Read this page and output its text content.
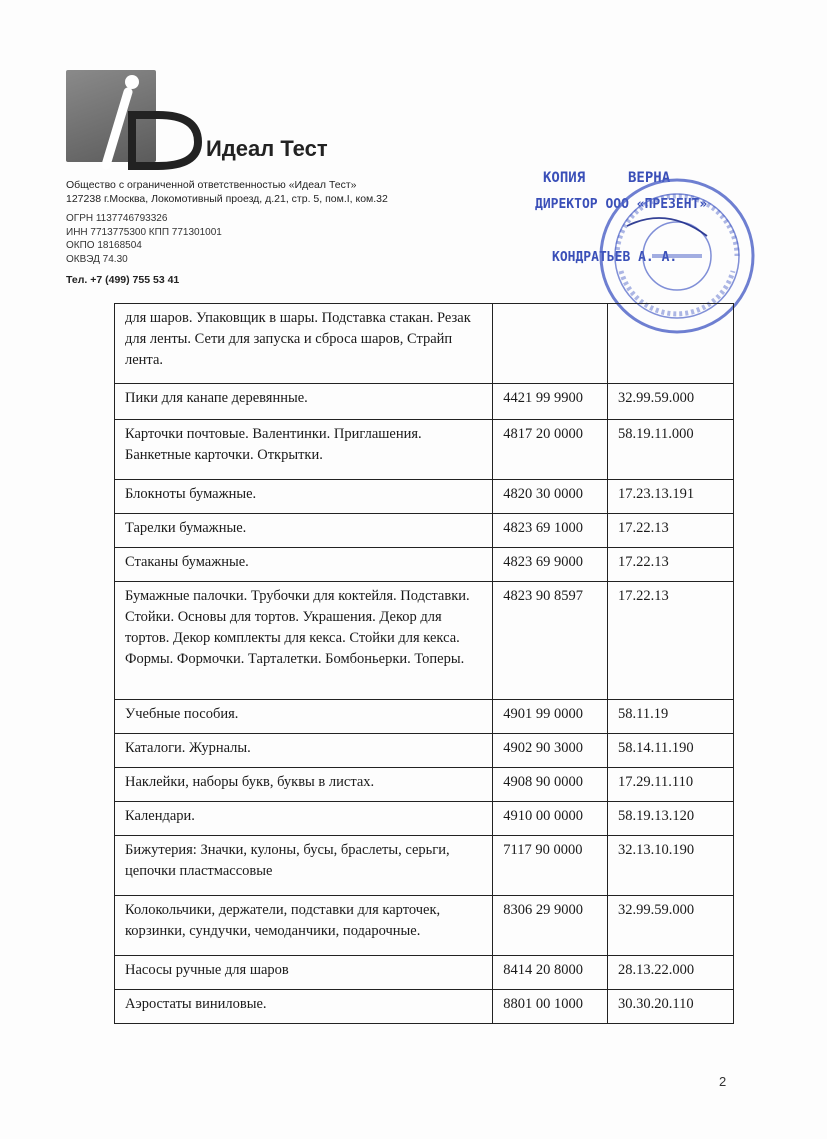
Идеал Тест
Общество с ограниченной ответственностью «Идеал Тест»
127238 г.Москва, Локомотивный проезд, д.21, стр. 5, пом.I, ком.32
ОГРН 1137746793326
ИНН 7713775300 КПП 771301001
ОКПО 18168504
ОКВЭД 74.30
Тел. +7 (499) 755 53 41
КОПИЯ	ВЕРНА
ДИРЕКТОР ООО «ПРЕЗЕНТ»
КОНДРАТЬЕВ А. А.
для шаров. Упаковщик в шары. Подставка стакан. Резак для ленты. Сети для запуска и сброса шаров, Страйп лента.		
Пики для канапе деревянные.	4421 99 9900	32.99.59.000
Карточки почтовые. Валентинки. Приглашения. Банкетные карточки. Открытки.	4817 20 0000	58.19.11.000
Блокноты бумажные.	4820 30 0000	17.23.13.191
Тарелки бумажные.	4823 69 1000	17.22.13
Стаканы бумажные.	4823 69 9000	17.22.13
Бумажные палочки. Трубочки для коктейля. Подставки. Стойки. Основы для тортов. Украшения. Декор для тортов. Декор комплекты для кекса. Стойки для кекса. Формы. Формочки. Тарталетки. Бомбоньерки. Топеры.	4823 90 8597	17.22.13
Учебные пособия.	4901 99 0000	58.11.19
Каталоги. Журналы.	4902 90 3000	58.14.11.190
Наклейки, наборы букв, буквы в листах.	4908 90 0000	17.29.11.110
Календари.	4910 00 0000	58.19.13.120
Бижутерия: Значки, кулоны, бусы, браслеты, серьги, цепочки пластмассовые	7117 90 0000	32.13.10.190
Колокольчики, держатели, подставки для карточек, корзинки, сундучки, чемоданчики, подарочные.	8306 29 9000	32.99.59.000
Насосы ручные для шаров	8414 20 8000	28.13.22.000
Аэростаты виниловые.	8801 00 1000	30.30.20.110
2
